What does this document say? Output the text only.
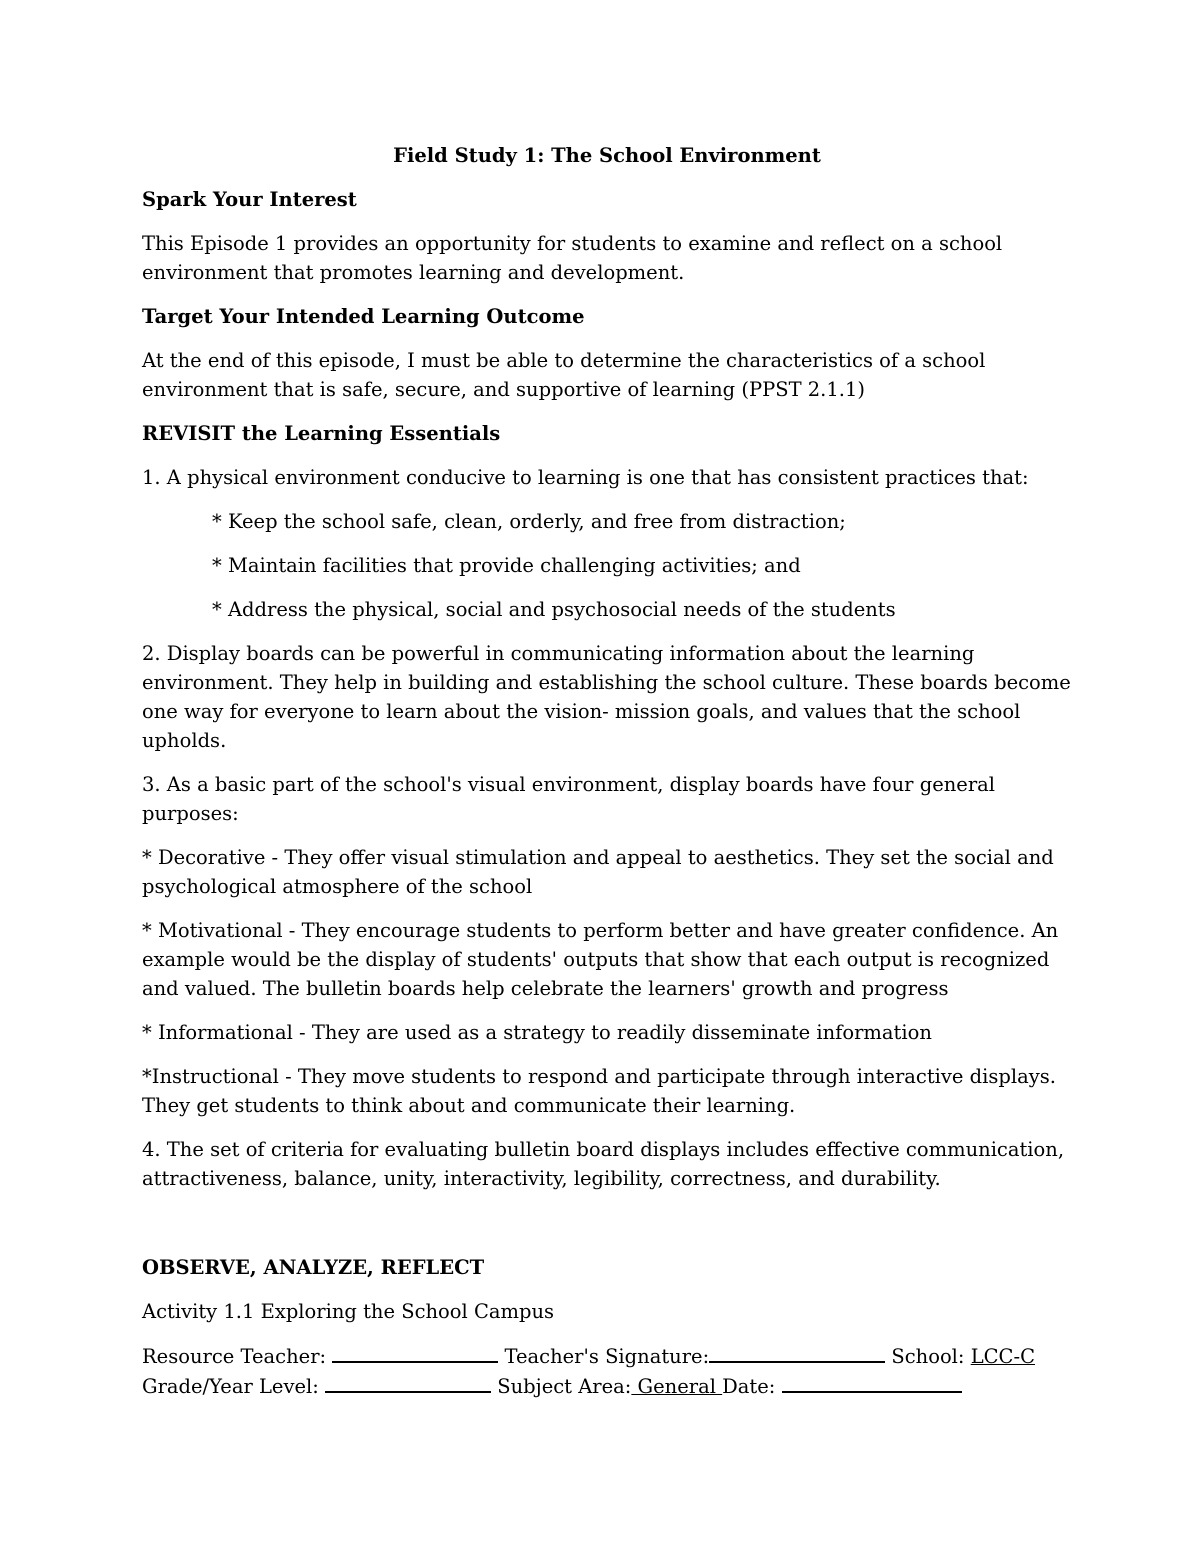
Field Study 1: The School Environment

Spark Your Interest

This Episode 1 provides an opportunity for students to examine and reflect on a school environment that promotes learning and development.

Target Your Intended Learning Outcome

At the end of this episode, I must be able to determine the characteristics of a school environment that is safe, secure, and supportive of learning (PPST 2.1.1)

REVISIT the Learning Essentials

1. A physical environment conducive to learning is one that has consistent practices that:

* Keep the school safe, clean, orderly, and free from distraction;

* Maintain facilities that provide challenging activities; and

* Address the physical, social and psychosocial needs of the students

2. Display boards can be powerful in communicating information about the learning environment. They help in building and establishing the school culture. These boards become one way for everyone to learn about the vision- mission goals, and values that the school upholds.

3. As a basic part of the school's visual environment, display boards have four general purposes:

* Decorative - They offer visual stimulation and appeal to aesthetics. They set the social and psychological atmosphere of the school

* Motivational - They encourage students to perform better and have greater confidence. An example would be the display of students' outputs that show that each output is recognized and valued. The bulletin boards help celebrate the learners' growth and progress

* Informational - They are used as a strategy to readily disseminate information

*Instructional - They move students to respond and participate through interactive displays. They get students to think about and communicate their learning.

4. The set of criteria for evaluating bulletin board displays includes effective communication, attractiveness, balance, unity, interactivity, legibility, correctness, and durability.

OBSERVE, ANALYZE, REFLECT

Activity 1.1 Exploring the School Campus

Resource Teacher:	Teacher's Signature:	School: LCC-C

Grade/Year Level:	Subject Area: General Date:
